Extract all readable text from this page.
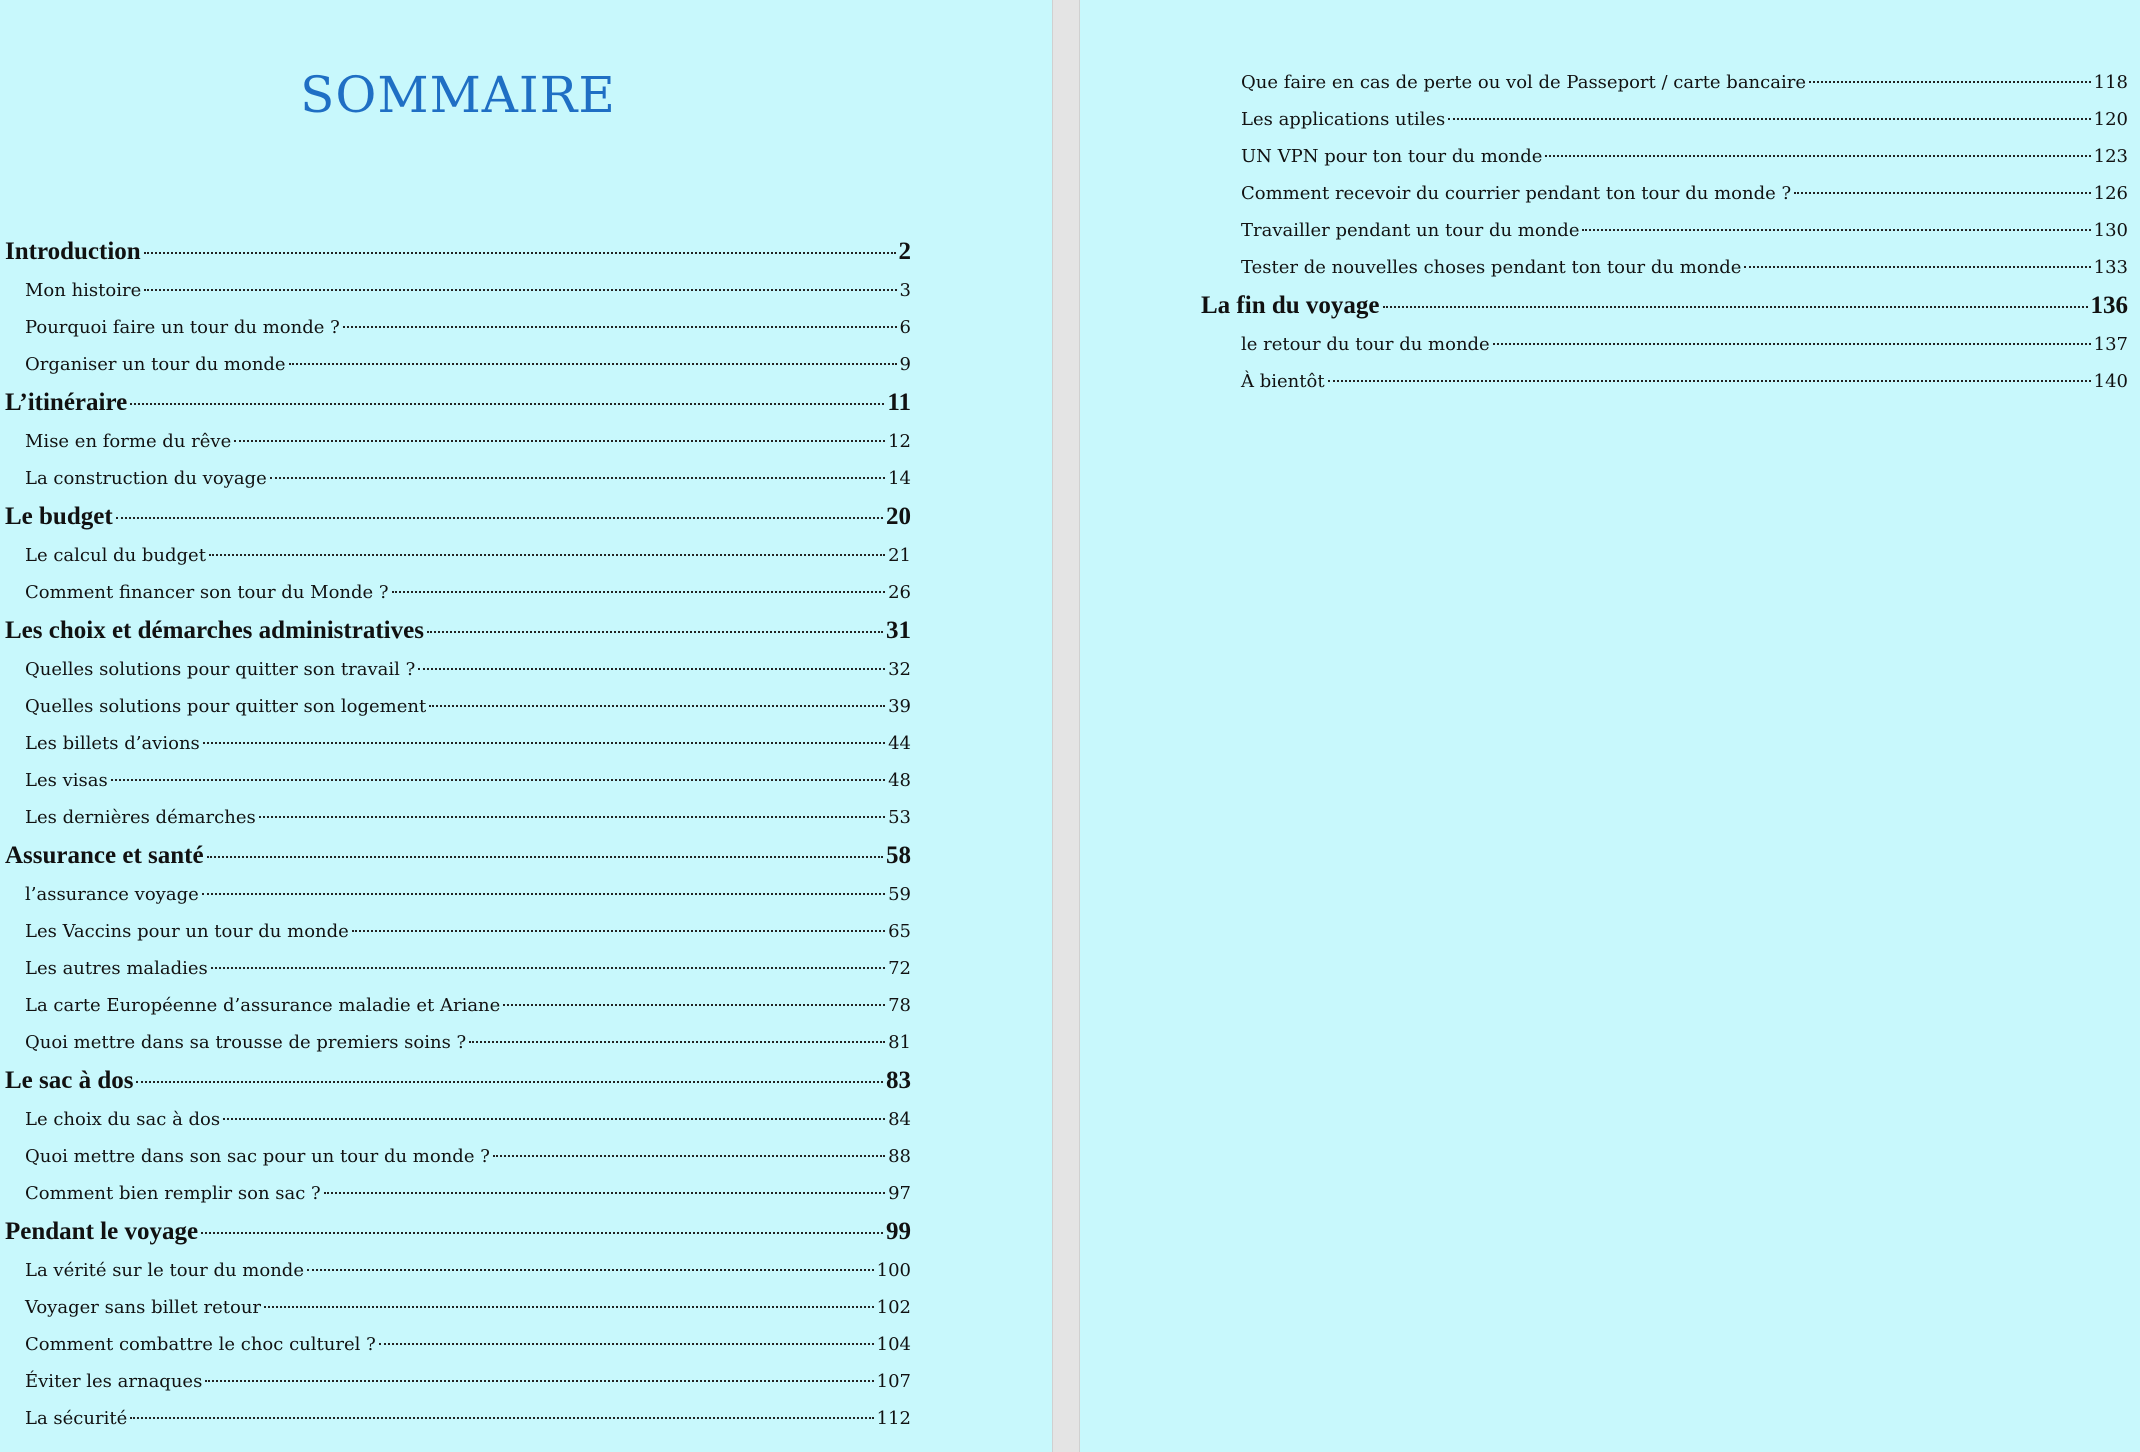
SOMMAIRE
Introduction	2
Mon histoire	3
Pourquoi faire un tour du monde ?	6
Organiser un tour du monde	9
L’itinéraire	11
Mise en forme du rêve	12
La construction du voyage	14
Le budget	20
Le calcul du budget	21
Comment financer son tour du Monde ?	26
Les choix et démarches administratives	31
Quelles solutions pour quitter son travail ?	32
Quelles solutions pour quitter son logement	39
Les billets d’avions	44
Les visas	48
Les dernières démarches	53
Assurance et santé	58
l’assurance voyage	59
Les Vaccins pour un tour du monde	65
Les autres maladies	72
La carte Européenne d’assurance maladie et Ariane	78
Quoi mettre dans sa trousse de premiers soins ?	81
Le sac à dos	83
Le choix du sac à dos	84
Quoi mettre dans son sac pour un tour du monde ?	88
Comment bien remplir son sac ?	97
Pendant le voyage	99
La vérité sur le tour du monde	100
Voyager sans billet retour	102
Comment combattre le choc culturel ?	104
Éviter les arnaques	107
La sécurité	112
Que faire en cas de perte ou vol de Passeport / carte bancaire	118
Les applications utiles	120
UN VPN pour ton tour du monde	123
Comment recevoir du courrier pendant ton tour du monde ?	126
Travailler pendant un tour du monde	130
Tester de nouvelles choses pendant ton tour du monde	133
La fin du voyage	136
le retour du tour du monde	137
À bientôt	140
